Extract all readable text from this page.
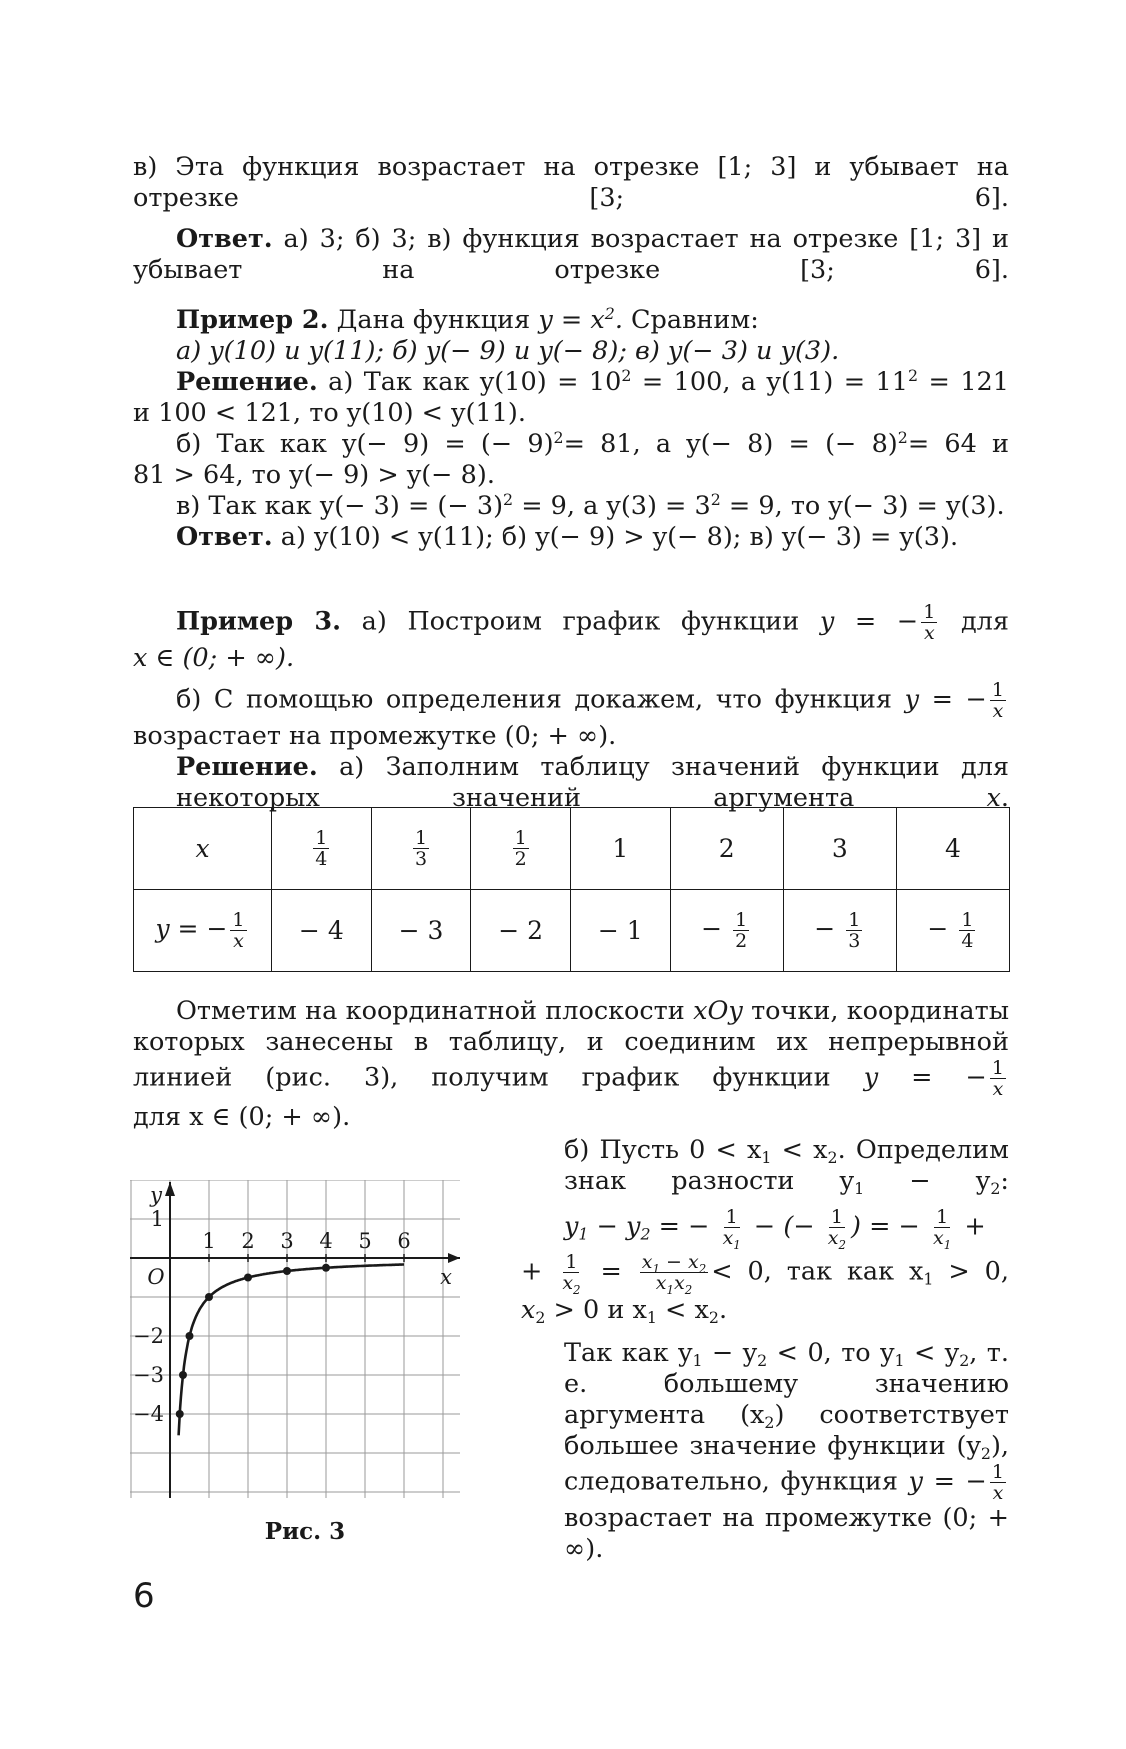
в) Эта функция возрастает на отрезке [1; 3] и убывает на отрезке [3; 6].
Ответ. а) 3; б) 3; в) функция возрастает на отрезке [1; 3] и убывает на отрезке [3; 6].
Пример 2. Дана функция $y = x^2$. Сравним:
а) y(10) и y(11); б) y(− 9) и y(− 8); в) y(− 3) и y(3).
Решение. а) Так как $y(10) = 10^2 = 100$, а $y(11) = 11^2 = 121$
и 100 < 121, то y(10) < y(11).
б) Так как y(− 9) = (− 9)$^2$= 81, а y(− 8) = (− 8)$^2$= 64 и
81 > 64, то y(− 9) > y(− 8).
в) Так как y(− 3) = (− 3)$^2$ = 9, а $y(3) = 3^2 = 9$, то y(− 3) = y(3).
Ответ. а) y(10) < y(11); б) y(− 9) > y(− 8); в) y(− 3) = y(3).
Пример 3. а) Построим график функции y = − $\frac{1}{x}$ для
x ∈ (0; + ∞).
б) С помощью определения докажем, что функция y = − $\frac{1}{x}$
возрастает на промежутке (0; + ∞).
Решение. а) Заполним таблицу значений функции для некоторых значений аргумента	x.
x	$\frac{1}{4}$	$\frac{1}{3}$	$\frac{1}{2}$	1	2	3	4
y = − $\frac{1}{x}$	− 4	− 3	− 2	− 1	− $\frac{1}{2}$	− $\frac{1}{3}$	− $\frac{1}{4}$
Отметим на координатной плоскости xOy точки, координаты которых занесены в таблицу, и соединим их непрерывной линией (рис. 3), получим график функции y = − $\frac{1}{x}$
для x ∈ (0; + ∞).
б) Пусть $0 < x_1 < x_2$. Определим знак разности $y_1 - y_2$:
$y_1 - y_2$ = − $\frac{1}{x_1}$ − (− $\frac{1}{x_2}$ ) = − $\frac{1}{x_1}$ +
+ $\frac{1}{x_2} = \frac{x_1 - x_2}{x_1x_2} < 0$, так как $x_1 > 0$,
$x_2 > 0$ и $x_1 < x_2$.
Так как $y_1 - y_2 < 0$, то $y_1 < y_2$, т. е. большему значению аргумента $(x_2)$ соответствует большее значение функции $(y_2)$, следовательно, функция y = − $\frac{1}{x}$
возрастает на промежутке (0; + ∞).
1 2 3 4 5 6
1
−2
−3
−4
y
x
O
Рис. 3
6
